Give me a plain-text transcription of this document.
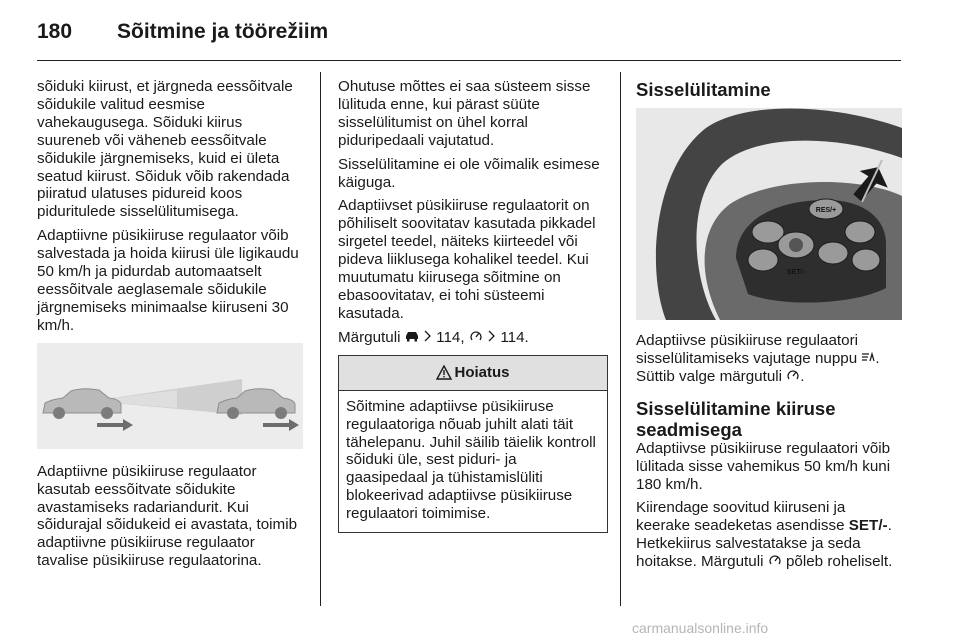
180 Sõitmine ja töörežiim

sõiduki kiirust, et järgneda eessõitvale sõidukile valitud eesmise vahekaugusega. Sõiduki kiirus suureneb või väheneb eessõitvale sõidukile järgnemiseks, kuid ei ületa seatud kiirust. Sõiduk võib rakendada piiratud ulatuses pidureid koos piduritulede sisselülitumisega.

Adaptiivne püsikiiruse regulaator võib salvestada ja hoida kiirusi üle ligikaudu 50 km/h ja pidurdab automaatselt eessõitvale aeglasemale sõidukile järgnemiseks minimaalse kiiruseni 30 km/h.

Adaptiivne püsikiiruse regulaator kasutab eessõitvate sõidukite avastamiseks radariandurit. Kui sõidurajal sõidukeid ei avastata, toimib adaptiivne püsikiiruse regulaator tavalise püsikiiruse regulaatorina.

Ohutuse mõttes ei saa süsteem sisse lülituda enne, kui pärast süüte sisselülitumist on ühel korral piduripedaali vajutatud.

Sisselülitamine ei ole võimalik esimese käiguga.

Adaptiivset püsikiiruse regulaatorit on põhiliselt soovitatav kasutada pikkadel sirgetel teedel, näiteks kiirteedel või pideva liiklusega kohalikel teedel. Kui muutumatu kiirusega sõitmine on ebasoovitatav, ei tohi süsteemi kasutada.

Märgutuli 114,   114.

Hoiatus
Sõitmine adaptiivse püsikiiruse regulaatoriga nõuab juhilt alati täit tähelepanu. Juhil säilib täielik kontroll sõiduki üle, sest piduri- ja gaasipedaal ja tühistamislüliti blokeerivad adaptiivse püsikiiruse regulaatori toimimise.
Sisselülitamine
RES/+
SET/-

Adaptiivse püsikiiruse regulaatori sisselülitamiseks vajutage nuppu . Süttib valge märgutuli .

Sisselülitamine kiiruse seadmisega

Adaptiivse püsikiiruse regulaatori võib lülitada sisse vahemikus 50 km/h kuni 180 km/h.

Kiirendage soovitud kiiruseni ja keerake seadeketas asendisse SET/-. Hetkekiirus salvestatakse ja seda hoitakse. Märgutuli põleb roheliselt.

carmanualsonline.info
